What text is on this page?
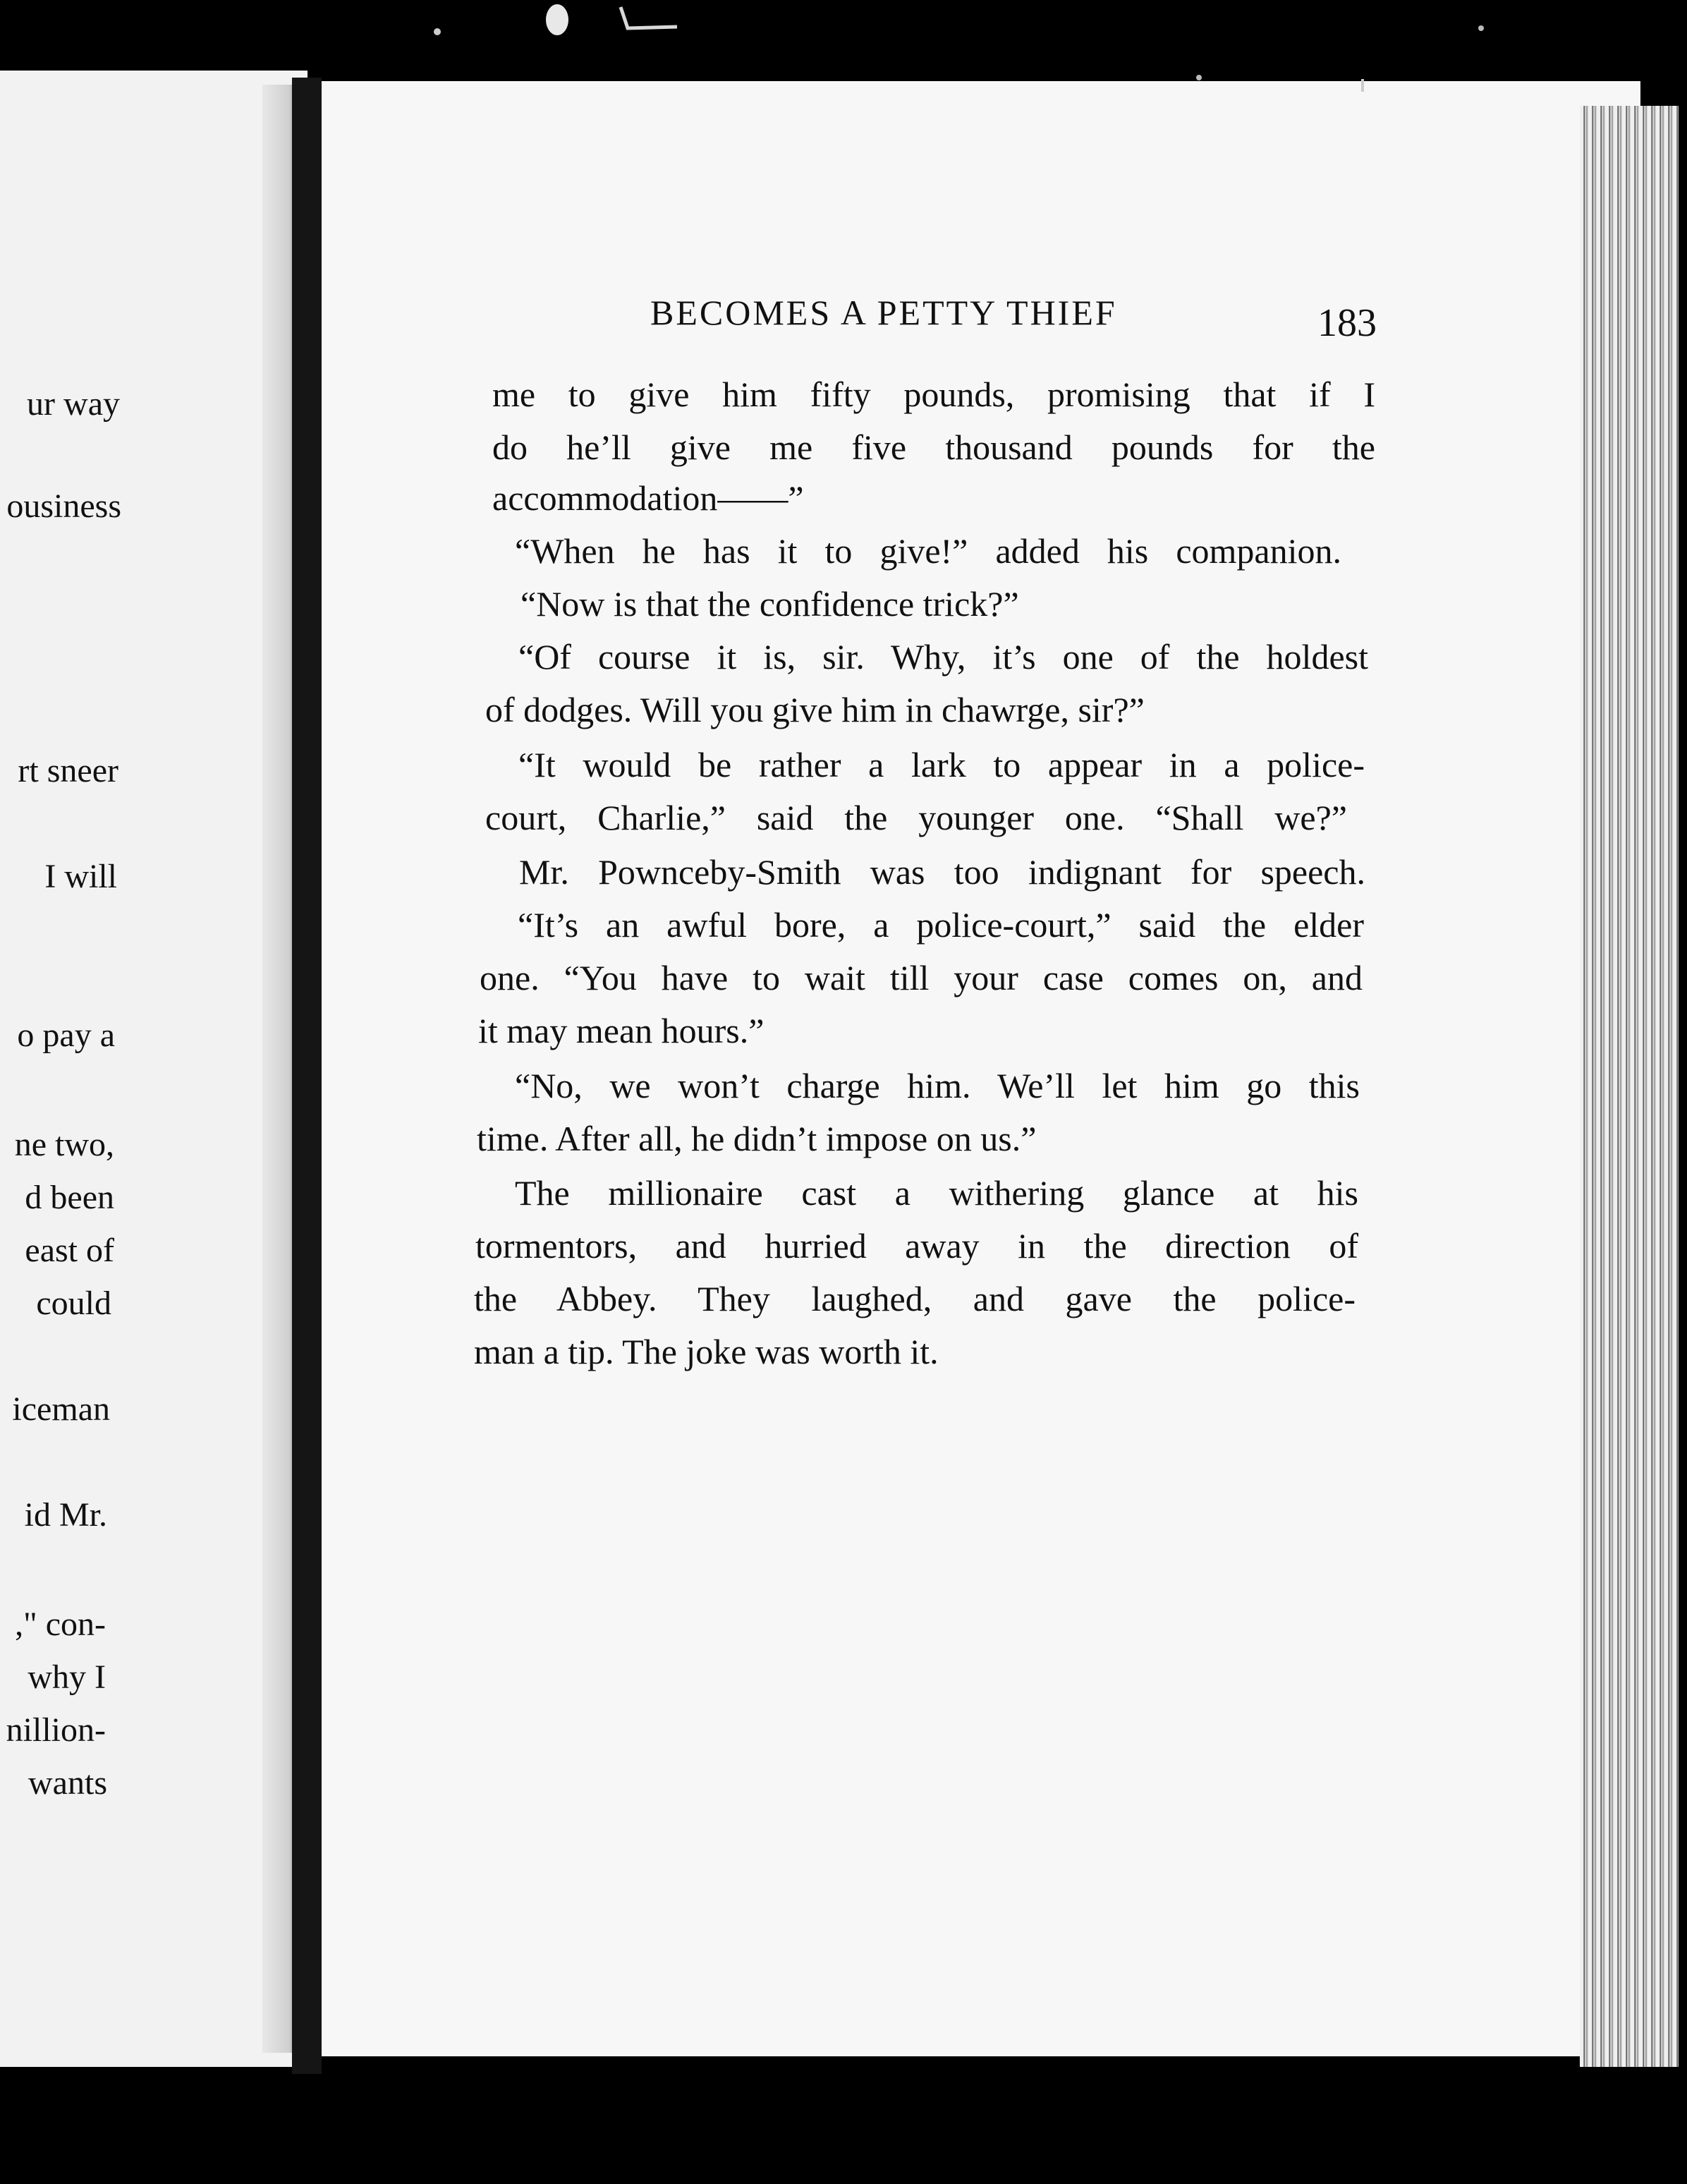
ur way
ousiness
rt sneer
I will
o pay a
ne two,
d been
east of
could
iceman
id Mr.
," con-
why I
nillion-
wants
BECOMES A PETTY THIEF	183
me to give him fifty pounds, promising that if I
do he’ll give me five thousand pounds for the
accommodation——”
“When he has it to give!” added his companion.
“Now is that the confidence trick?”
“Of course it is, sir. Why, it’s one of the holdest
of dodges. Will you give him in chawrge, sir?”
“It would be rather a lark to appear in a police-
court, Charlie,” said the younger one. “Shall we?”
Mr. Pownceby-Smith was too indignant for speech.
“It’s an awful bore, a police-court,” said the elder
one. “You have to wait till your case comes on, and
it may mean hours.”
“No, we won’t charge him. We’ll let him go this
time. After all, he didn’t impose on us.”
The millionaire cast a withering glance at his
tormentors, and hurried away in the direction of
the Abbey. They laughed, and gave the police-
man a tip. The joke was worth it.
